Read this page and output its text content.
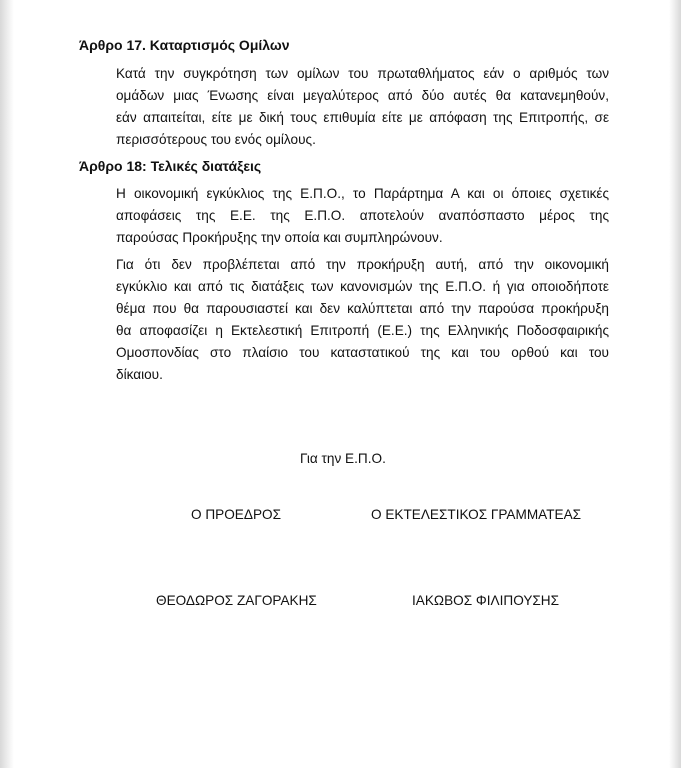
Άρθρο 17. Καταρτισμός Ομίλων
Κατά την συγκρότηση των ομίλων του πρωταθλήματος εάν ο αριθμός των
ομάδων μιας Ένωσης είναι μεγαλύτερος από δύο αυτές θα κατανεμηθούν,
εάν απαιτείται, είτε με δική τους επιθυμία είτε με απόφαση της Επιτροπής, σε
περισσότερους του ενός ομίλους.
Άρθρο 18: Τελικές διατάξεις
Η οικονομική εγκύκλιος της Ε.Π.Ο., το Παράρτημα Α και οι όποιες σχετικές
αποφάσεις της Ε.Ε. της Ε.Π.Ο. αποτελούν αναπόσπαστο μέρος της
παρούσας Προκήρυξης την οποία και συμπληρώνουν.
Για ότι δεν προβλέπεται από την προκήρυξη αυτή, από την οικονομική
εγκύκλιο και από τις διατάξεις των κανονισμών της Ε.Π.Ο. ή για οποιοδήποτε
θέμα που θα παρουσιαστεί και δεν καλύπτεται από την παρούσα προκήρυξη
θα αποφασίζει η Εκτελεστική Επιτροπή (Ε.Ε.) της Ελληνικής Ποδοσφαιρικής
Ομοσπονδίας στο πλαίσιο του καταστατικού της και του ορθού και του
δίκαιου.

Για την Ε.Π.Ο.

Ο ΠΡΟΕΔΡΟΣ	Ο ΕΚΤΕΛΕΣΤΙΚΟΣ ΓΡΑΜΜΑΤΕΑΣ

ΘΕΟΔΩΡΟΣ ΖΑΓΟΡΑΚΗΣ	ΙΑΚΩΒΟΣ ΦΙΛΙΠΟΥΣΗΣ
